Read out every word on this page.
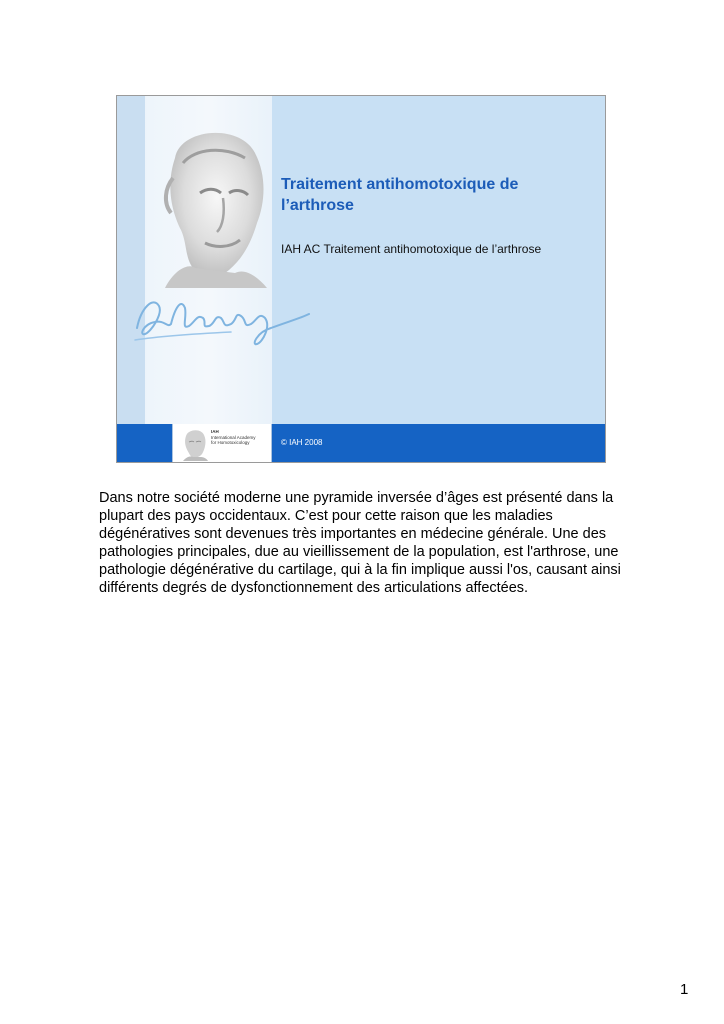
Traitement antihomotoxique de l’arthrose
IAH AC Traitement antihomotoxique de l’arthrose
IAH
International Academy
for Homotoxicology	© IAH 2008
Dans notre société moderne une pyramide inversée d’âges est présenté dans la plupart des pays occidentaux. C’est pour cette raison que les maladies dégénératives sont devenues très importantes en médecine générale. Une des pathologies principales, due au vieillissement de la population, est l'arthrose, une pathologie dégénérative du cartilage, qui à la fin implique aussi l'os, causant ainsi différents degrés de dysfonctionnement des articulations affectées.
1
